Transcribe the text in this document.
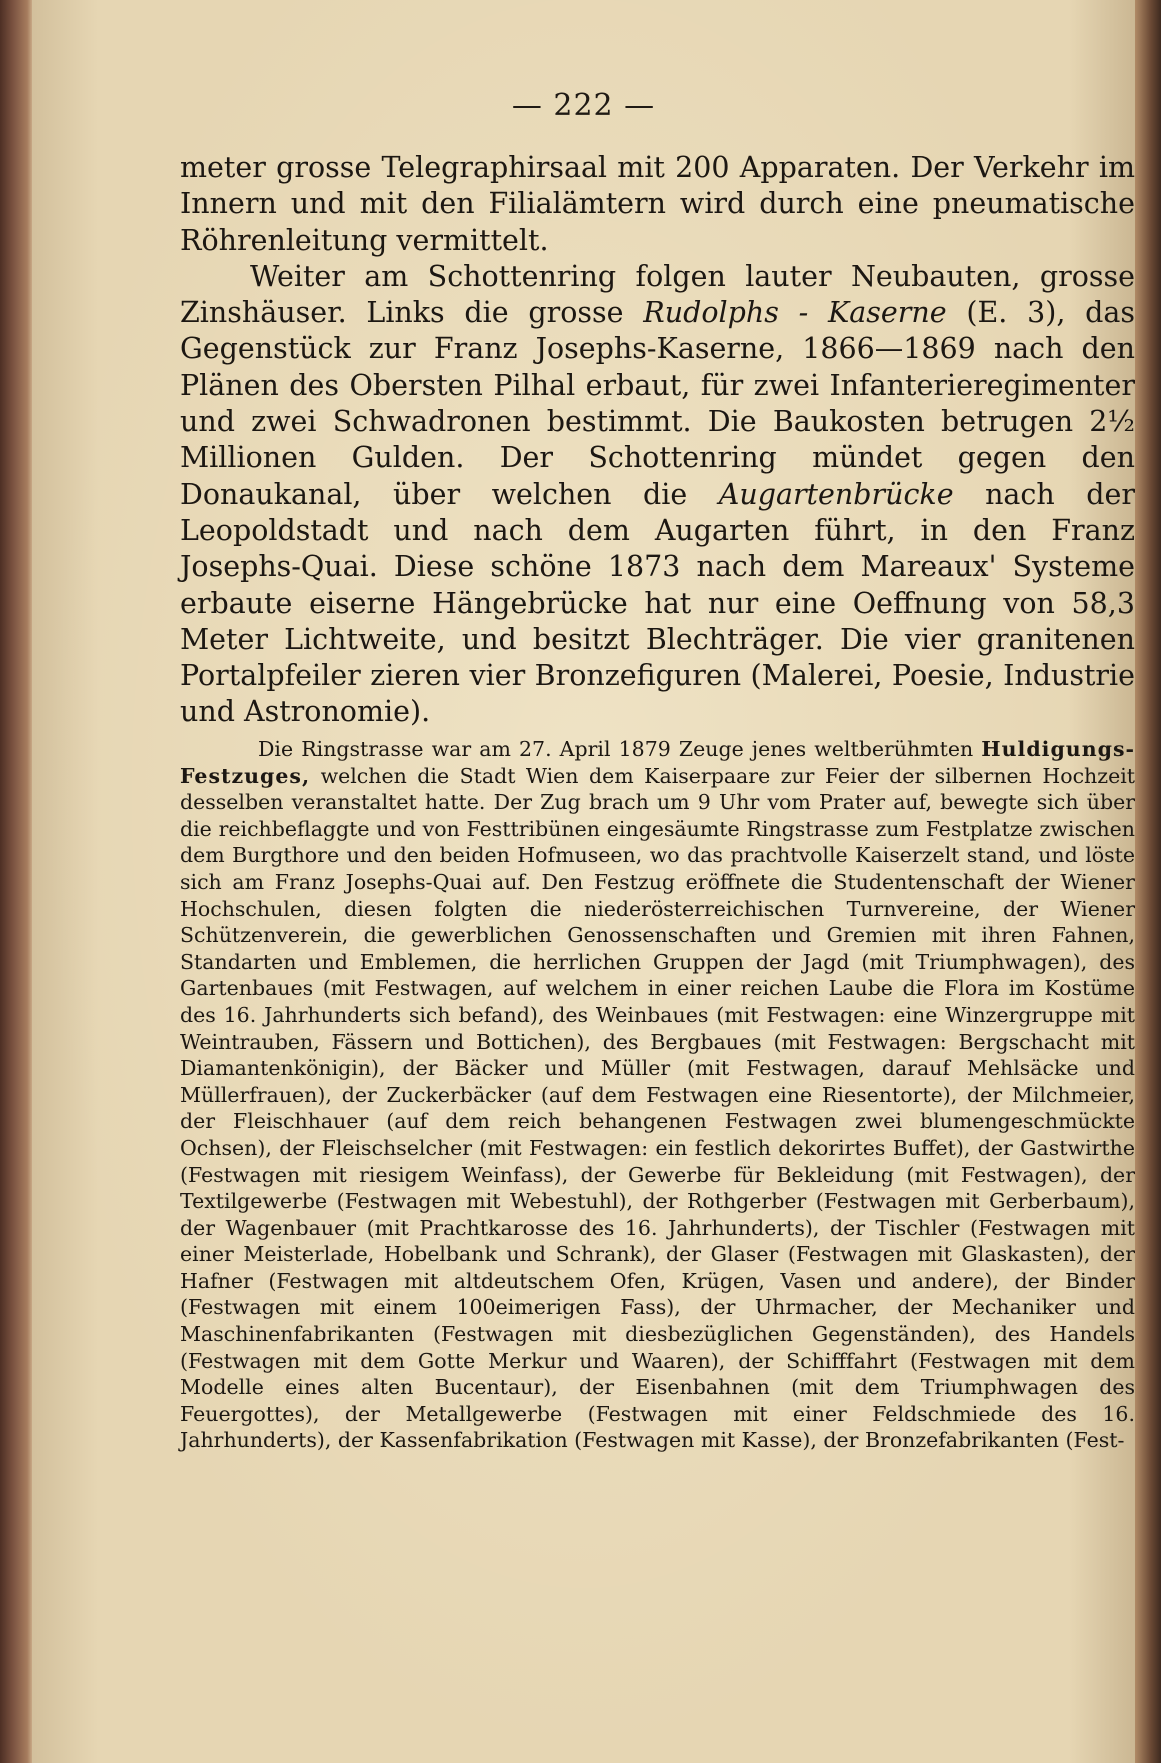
— 222 —

meter grosse Telegraphirsaal mit 200 Apparaten. Der Verkehr im Innern und mit den Filialämtern wird durch eine pneumatische Röhrenleitung vermittelt.

Weiter am Schottenring folgen lauter Neubauten, grosse Zinshäuser. Links die grosse Rudolphs - Kaserne (E. 3), das Gegenstück zur Franz Josephs-Kaserne, 1866—1869 nach den Plänen des Obersten Pilhal erbaut, für zwei Infanterieregimenter und zwei Schwadronen bestimmt. Die Baukosten betrugen 2½ Millionen Gulden. Der Schottenring mündet gegen den Donaukanal, über welchen die Augartenbrücke nach der Leopoldstadt und nach dem Augarten führt, in den Franz Josephs-Quai. Diese schöne 1873 nach dem Mareaux' Systeme erbaute eiserne Hängebrücke hat nur eine Oeffnung von 58,3 Meter Lichtweite, und besitzt Blechträger. Die vier granitenen Portalpfeiler zieren vier Bronzefiguren (Malerei, Poesie, Industrie und Astronomie).

Die Ringstrasse war am 27. April 1879 Zeuge jenes weltberühmten Huldigungs-Festzuges, welchen die Stadt Wien dem Kaiserpaare zur Feier der silbernen Hochzeit desselben veranstaltet hatte. Der Zug brach um 9 Uhr vom Prater auf, bewegte sich über die reichbeflaggte und von Festtribünen eingesäumte Ringstrasse zum Festplatze zwischen dem Burgthore und den beiden Hofmuseen, wo das prachtvolle Kaiserzelt stand, und löste sich am Franz Josephs-Quai auf. Den Festzug eröffnete die Studentenschaft der Wiener Hochschulen, diesen folgten die niederösterreichischen Turnvereine, der Wiener Schützenverein, die gewerblichen Genossenschaften und Gremien mit ihren Fahnen, Standarten und Emblemen, die herrlichen Gruppen der Jagd (mit Triumphwagen), des Gartenbaues (mit Festwagen, auf welchem in einer reichen Laube die Flora im Kostüme des 16. Jahrhunderts sich befand), des Weinbaues (mit Festwagen: eine Winzergruppe mit Weintrauben, Fässern und Bottichen), des Bergbaues (mit Festwagen: Bergschacht mit Diamantenkönigin), der Bäcker und Müller (mit Festwagen, darauf Mehlsäcke und Müllerfrauen), der Zuckerbäcker (auf dem Festwagen eine Riesentorte), der Milchmeier, der Fleischhauer (auf dem reich behangenen Festwagen zwei blumengeschmückte Ochsen), der Fleischselcher (mit Festwagen: ein festlich dekorirtes Buffet), der Gastwirthe (Festwagen mit riesigem Weinfass), der Gewerbe für Bekleidung (mit Festwagen), der Textilgewerbe (Festwagen mit Webestuhl), der Rothgerber (Festwagen mit Gerberbaum), der Wagenbauer (mit Prachtkarosse des 16. Jahrhunderts), der Tischler (Festwagen mit einer Meisterlade, Hobelbank und Schrank), der Glaser (Festwagen mit Glaskasten), der Hafner (Festwagen mit altdeutschem Ofen, Krügen, Vasen und andere), der Binder (Festwagen mit einem 100eimerigen Fass), der Uhrmacher, der Mechaniker und Maschinenfabrikanten (Festwagen mit diesbezüglichen Gegenständen), des Handels (Festwagen mit dem Gotte Merkur und Waaren), der Schifffahrt (Festwagen mit dem Modelle eines alten Bucentaur), der Eisenbahnen (mit dem Triumphwagen des Feuergottes), der Metallgewerbe (Festwagen mit einer Feldschmiede des 16. Jahrhunderts), der Kassenfabrikation (Festwagen mit Kasse), der Bronzefabrikanten (Fest-
